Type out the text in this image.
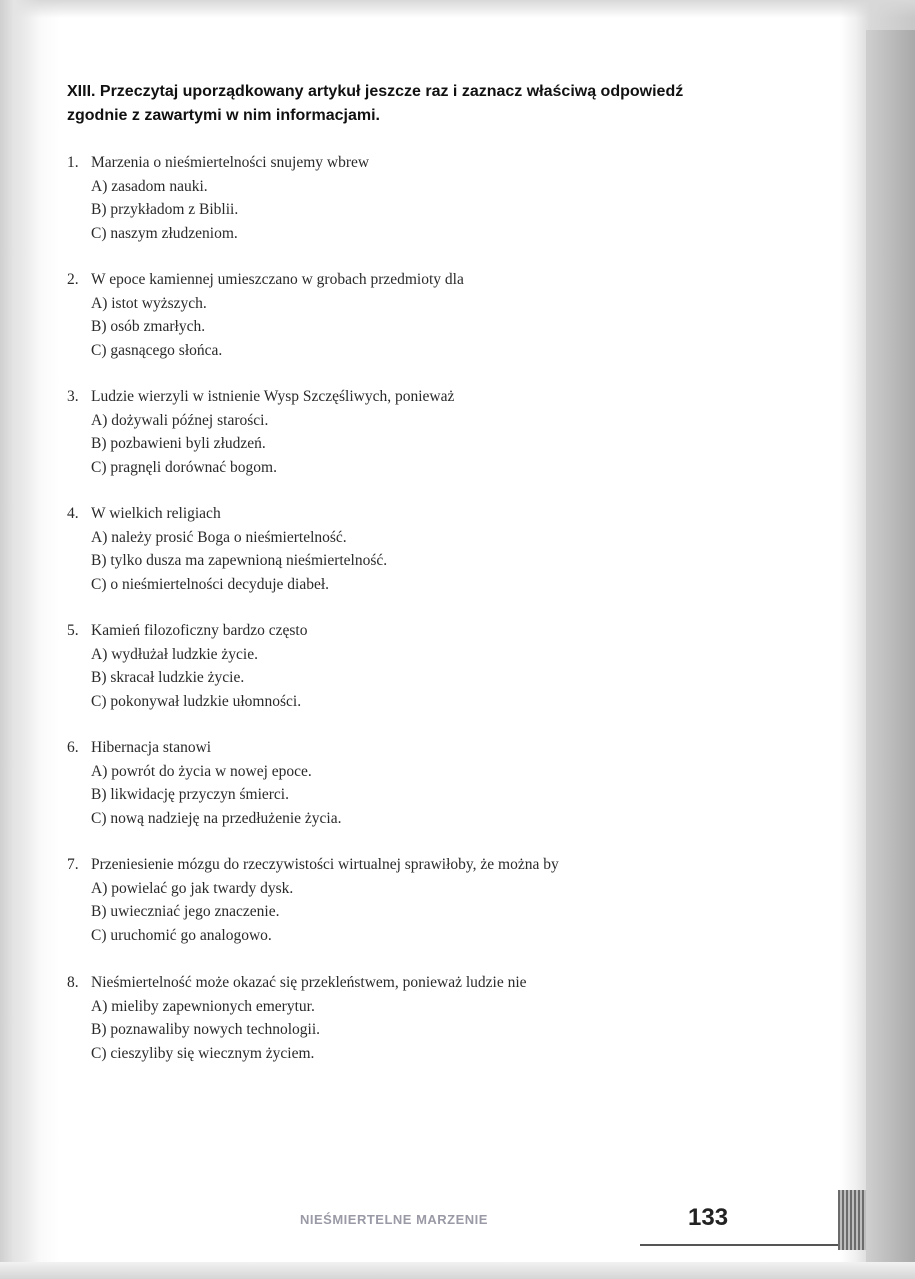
XIII. Przeczytaj uporządkowany artykuł jeszcze raz i zaznacz właściwą odpowiedź
zgodnie z zawartymi w nim informacjami.
1. Marzenia o nieśmiertelności snujemy wbrew
A) zasadom nauki.
B) przykładom z Biblii.
C) naszym złudzeniom.
2. W epoce kamiennej umieszczano w grobach przedmioty dla
A) istot wyższych.
B) osób zmarłych.
C) gasnącego słońca.
3. Ludzie wierzyli w istnienie Wysp Szczęśliwych, ponieważ
A) dożywali późnej starości.
B) pozbawieni byli złudzeń.
C) pragnęli dorównać bogom.
4. W wielkich religiach
A) należy prosić Boga o nieśmiertelność.
B) tylko dusza ma zapewnioną nieśmiertelność.
C) o nieśmiertelności decyduje diabeł.
5. Kamień filozoficzny bardzo często
A) wydłużał ludzkie życie.
B) skracał ludzkie życie.
C) pokonywał ludzkie ułomności.
6. Hibernacja stanowi
A) powrót do życia w nowej epoce.
B) likwidację przyczyn śmierci.
C) nową nadzieję na przedłużenie życia.
7. Przeniesienie mózgu do rzeczywistości wirtualnej sprawiłoby, że można by
A) powielać go jak twardy dysk.
B) uwieczniać jego znaczenie.
C) uruchomić go analogowo.
8. Nieśmiertelność może okazać się przekleństwem, ponieważ ludzie nie
A) mieliby zapewnionych emerytur.
B) poznawaliby nowych technologii.
C) cieszyliby się wiecznym życiem.
NIEŚMIERTELNE MARZENIE	133
